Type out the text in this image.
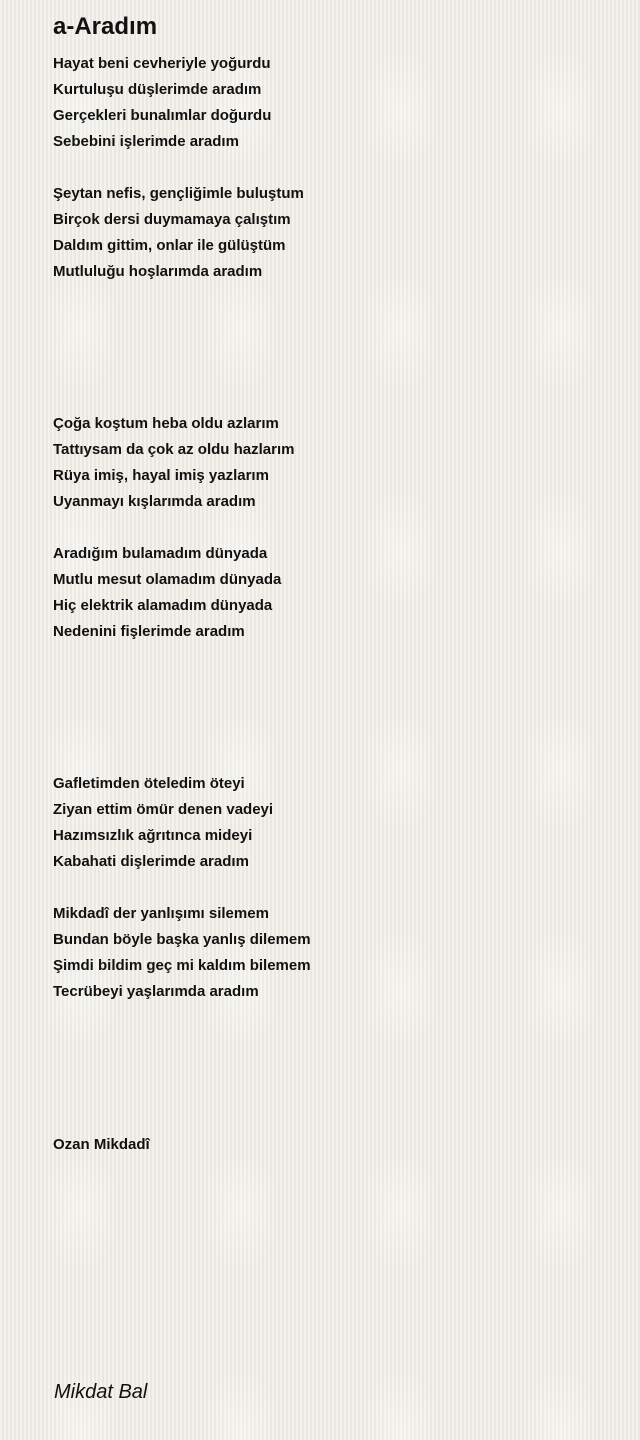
a-Aradım
Hayat beni cevheriyle yoğurdu
Kurtuluşu düşlerimde aradım
Gerçekleri bunalımlar doğurdu
Sebebini işlerimde aradım
Şeytan nefis, gençliğimle buluştum
Birçok dersi duymamaya çalıştım
Daldım gittim, onlar ile gülüştüm
Mutluluğu hoşlarımda aradım
Çoğa koştum heba oldu azlarım
Tattıysam da çok az oldu hazlarım
Rüya imiş, hayal imiş yazlarım
Uyanmayı kışlarımda aradım
Aradığım bulamadım dünyada
Mutlu mesut olamadım dünyada
Hiç elektrik alamadım dünyada
Nedenini fişlerimde aradım
Gafletimden öteledim öteyi
Ziyan ettim ömür denen vadeyi
Hazımsızlık ağrıtınca mideyi
Kabahati dişlerimde aradım
Mikdadî der yanlışımı silemem
Bundan böyle başka yanlış dilemem
Şimdi bildim geç mi kaldım bilemem
Tecrübeyi yaşlarımda aradım
Ozan Mikdadî
Mikdat Bal
